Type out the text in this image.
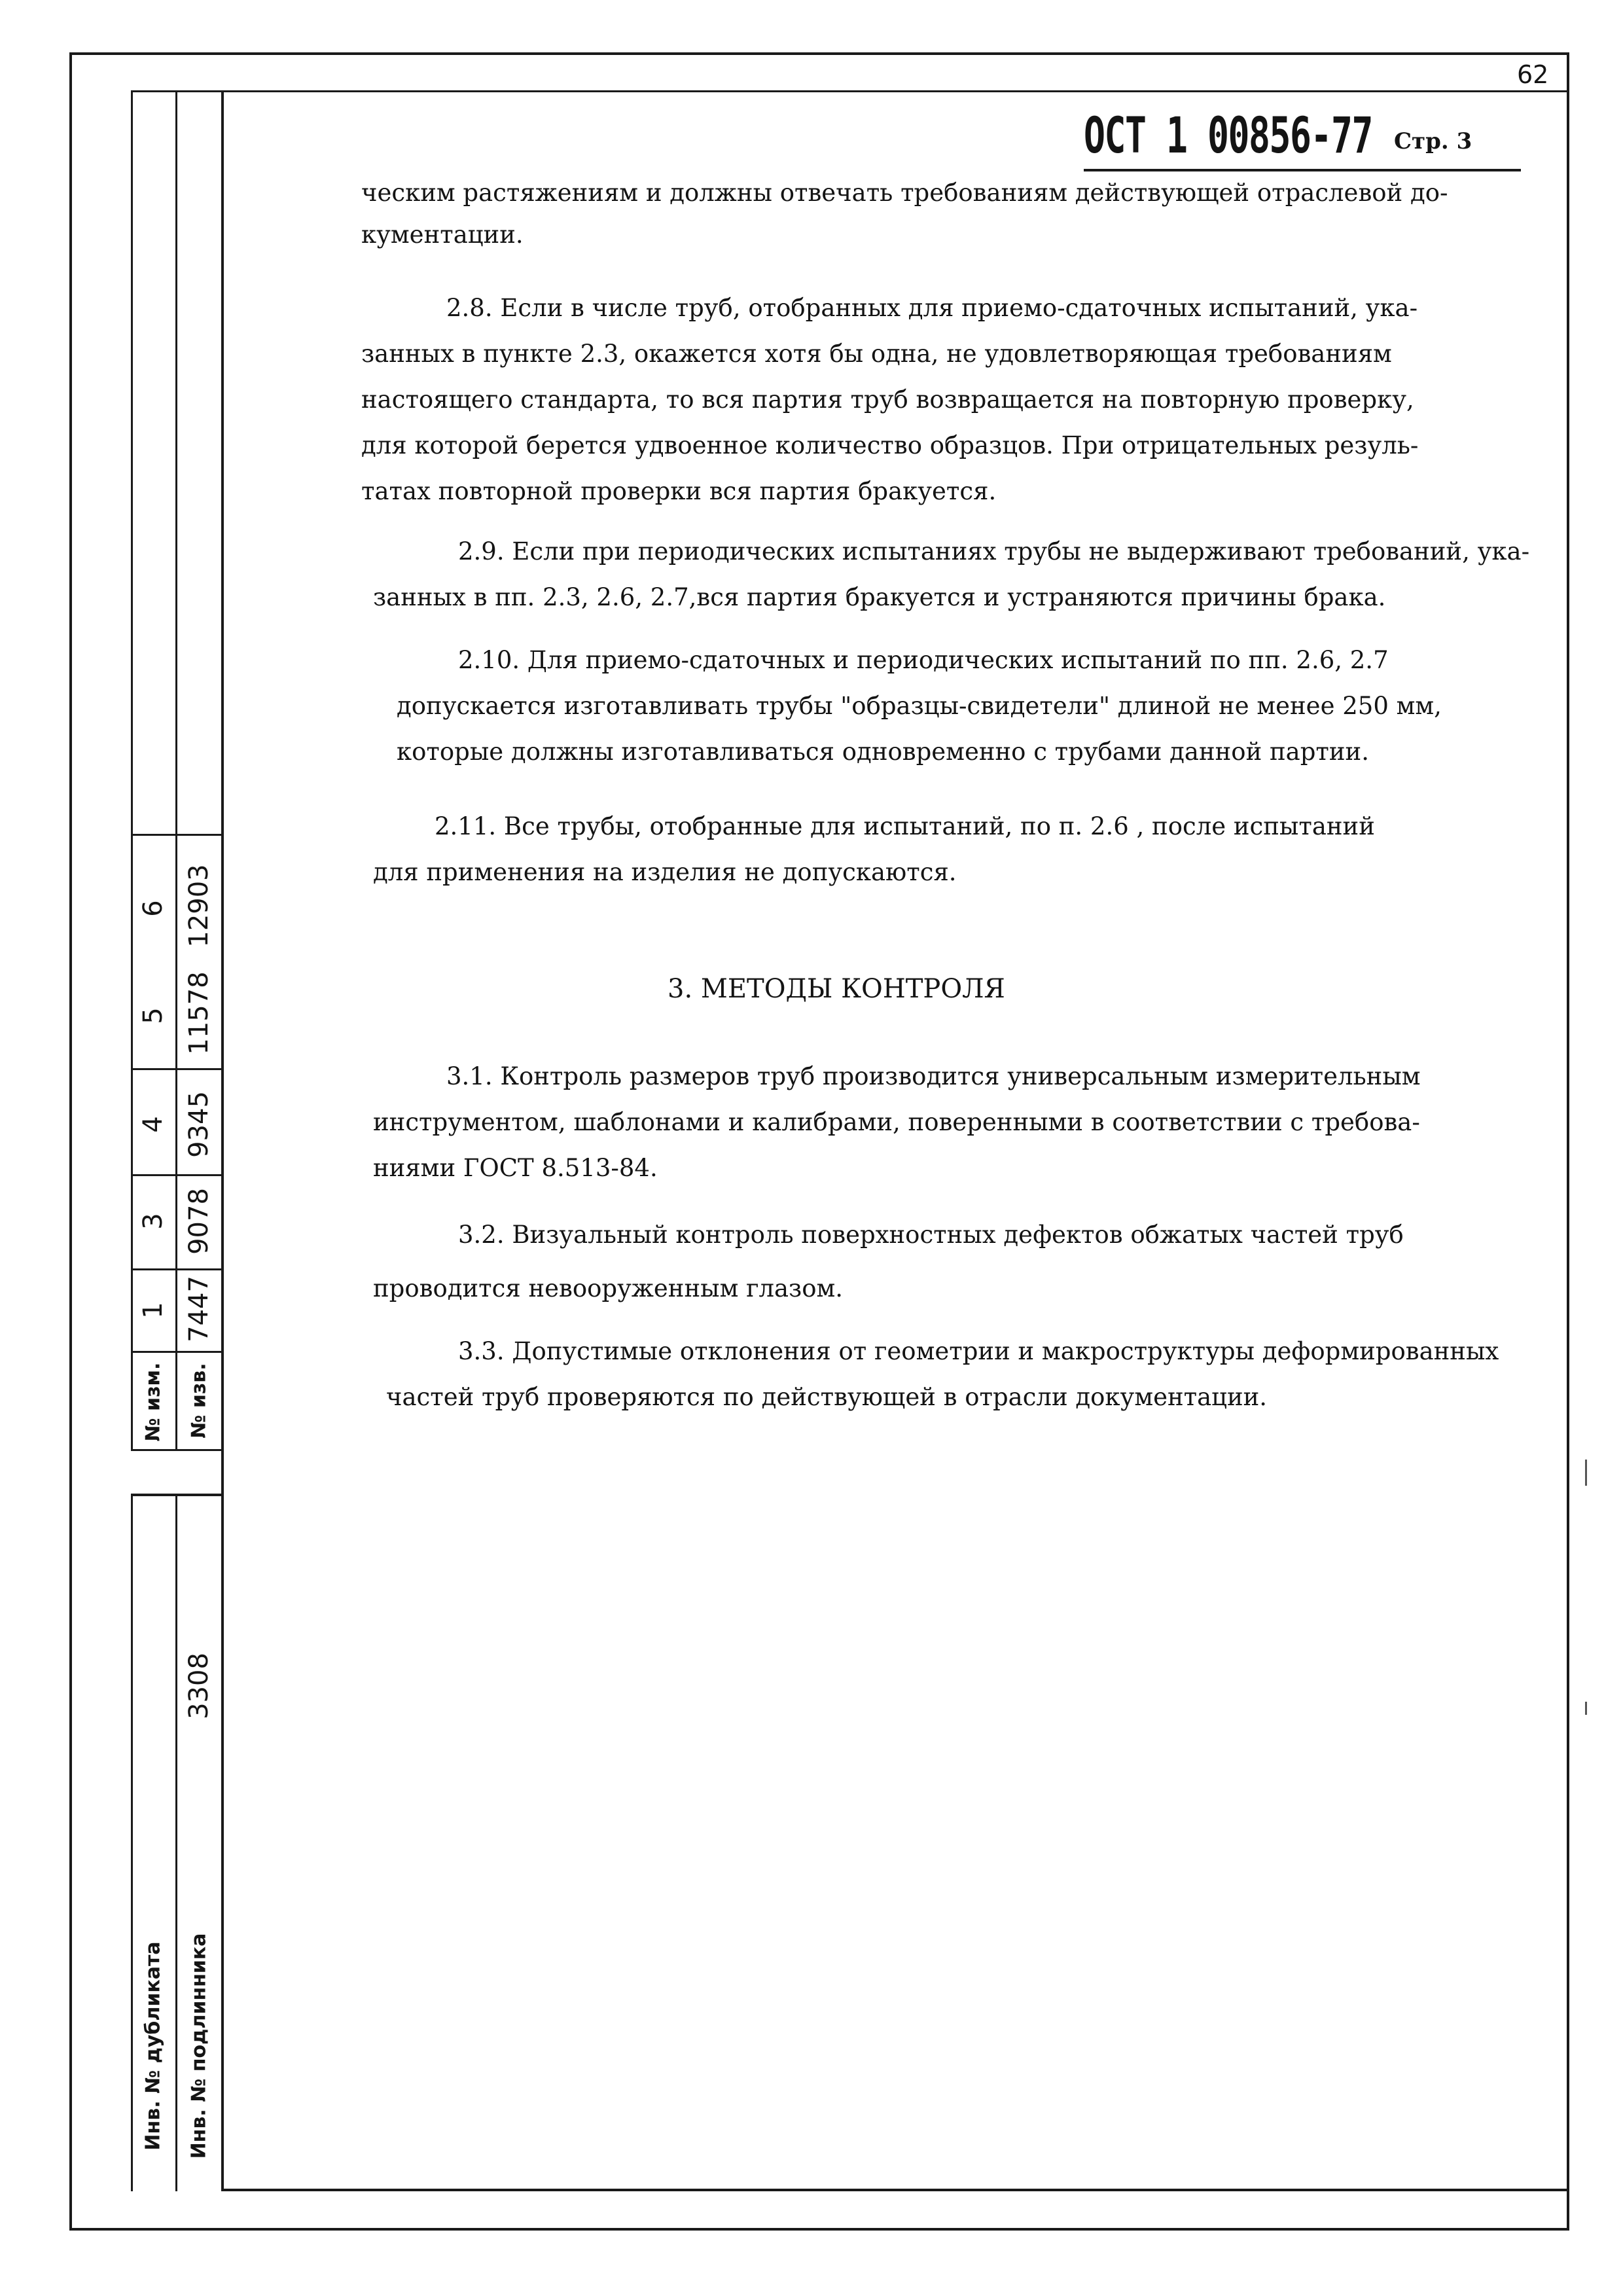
62
6
5
4
3
1
№ изм.
12903
11578
9345
9078
7447
№ изв.
3308
Инв. № дубликата Инв. № подлинника
ОСТ 1 00856-77 Стр. 3
ческим растяжениям и должны отвечать требованиям действующей отраслевой до-
кументации.
2.8. Если в числе труб, отобранных для приемо-сдаточных испытаний, ука-
занных в пункте 2.3, окажется хотя бы одна, не удовлетворяющая требованиям
настоящего стандарта, то вся партия труб возвращается на повторную проверку,
для которой берется удвоенное количество образцов. При отрицательных резуль-
татах повторной проверки вся партия бракуется.
2.9. Если при периодических испытаниях трубы не выдерживают требований, ука-
занных в пп. 2.3, 2.6, 2.7,вся партия бракуется и устраняются причины брака.
2.10. Для приемо-сдаточных и периодических испытаний по пп. 2.6, 2.7
допускается изготавливать трубы "образцы-свидетели" длиной не менее 250 мм,
которые должны изготавливаться одновременно с трубами данной партии.
2.11. Все трубы, отобранные для испытаний, по п. 2.6 , после испытаний
для применения на изделия не допускаются.
3. МЕТОДЫ КОНТРОЛЯ
3.1. Контроль размеров труб производится универсальным измерительным
инструментом, шаблонами и калибрами, поверенными в соответствии с требова-
ниями ГОСТ 8.513-84.
3.2. Визуальный контроль поверхностных дефектов обжатых частей труб
проводится невооруженным глазом.
3.3. Допустимые отклонения от геометрии и макроструктуры деформированных
частей труб проверяются по действующей в отрасли документации.
